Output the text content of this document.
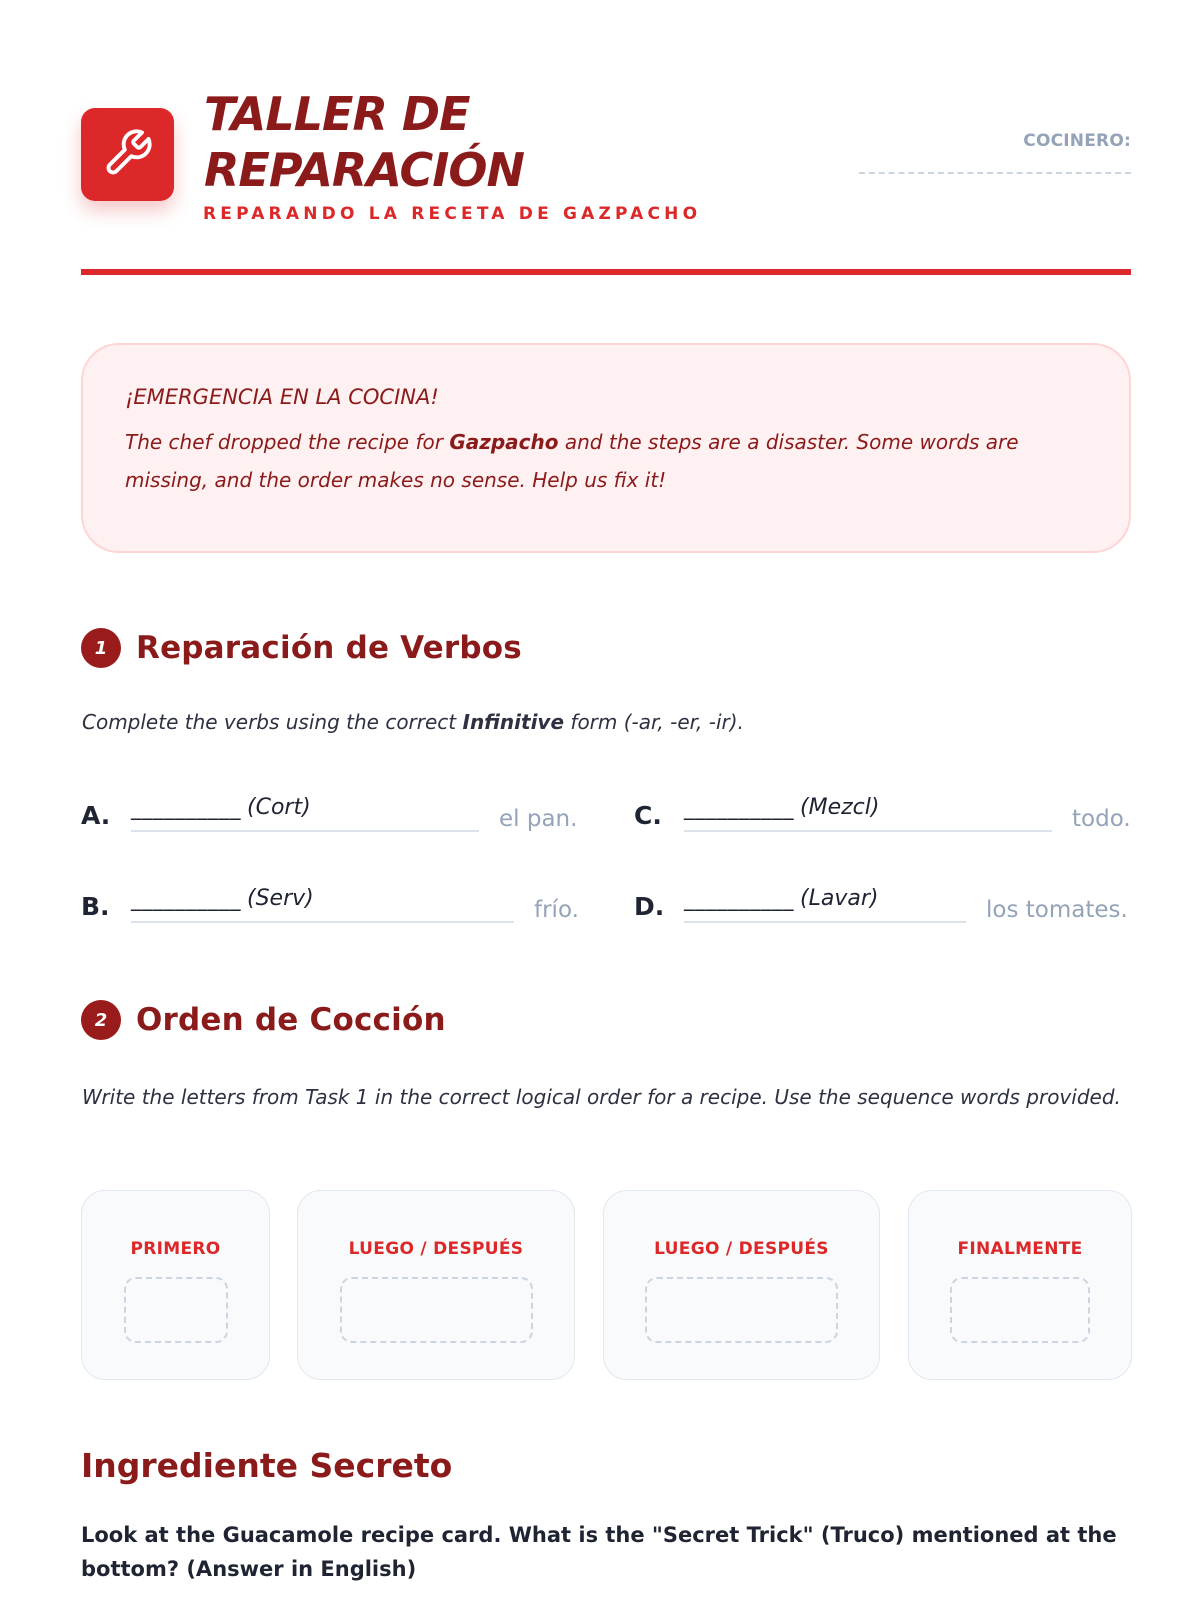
TALLER DE REPARACIÓN
REPARANDO LA RECETA DE GAZPACHO
COCINERO:
¡EMERGENCIA EN LA COCINA!
The chef dropped the recipe for Gazpacho and the steps are a disaster. Some words are missing, and the order makes no sense. Help us fix it!
1 Reparación de Verbos
Complete the verbs using the correct Infinitive form (-ar, -er, -ir).
A. __________ (Cort)	el pan. C.	__________ (Mezcl)	todo.
B.	__________ (Serv)	frío. D. __________ (Lavar)	los tomates.
2 Orden de Cocción
Write the letters from Task 1 in the correct logical order for a recipe. Use the sequence words provided.
PRIMERO	LUEGO / DESPUÉS	LUEGO / DESPUÉS	FINALMENTE
Ingrediente Secreto
Look at the Guacamole recipe card. What is the "Secret Trick" (Truco) mentioned at the bottom? (Answer in English)
